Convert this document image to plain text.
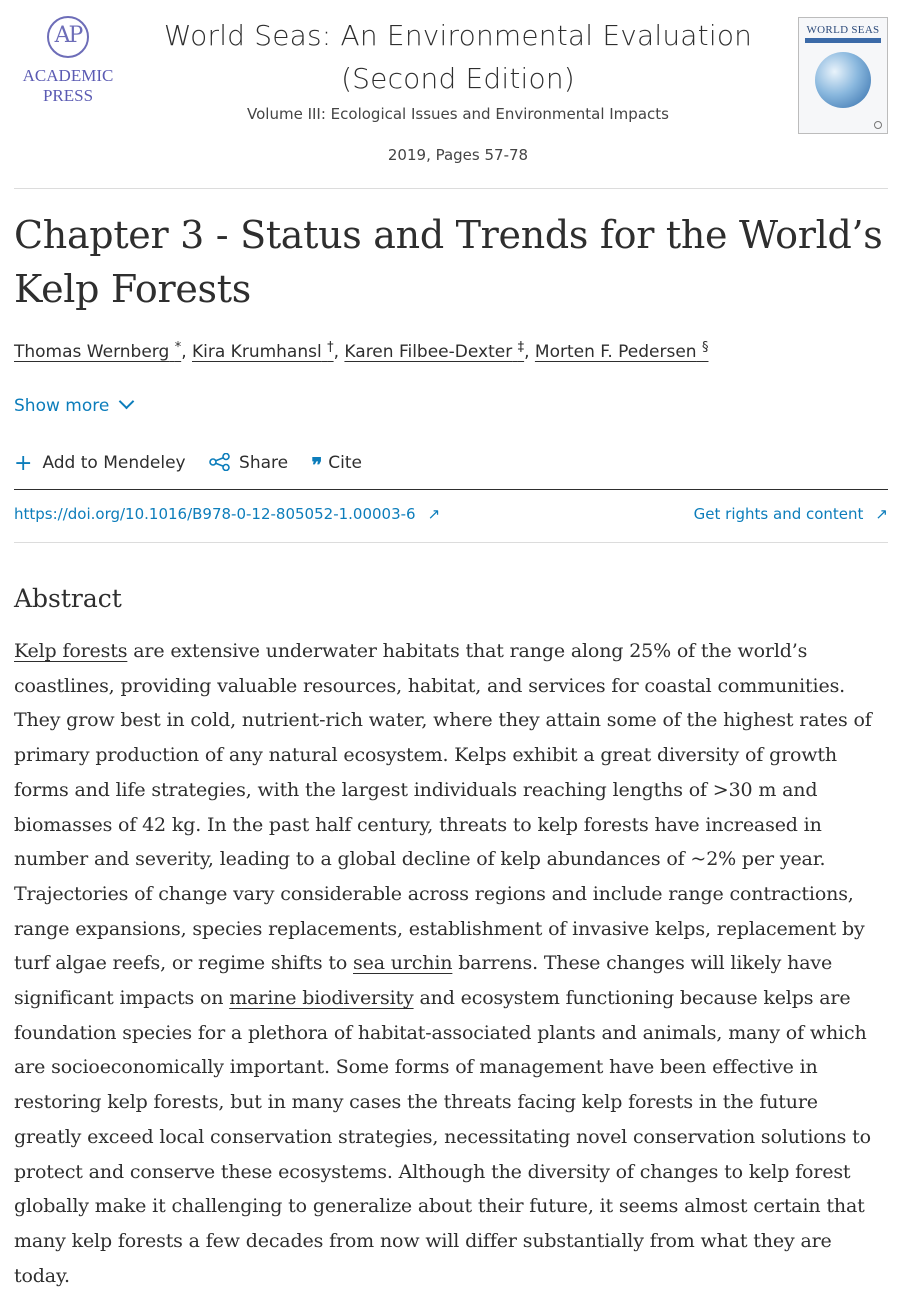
AP
ACADEMIC
PRESS
World Seas: An Environmental Evaluation (Second Edition)
Volume III: Ecological Issues and Environmental Impacts
2019, Pages 57-78
WORLD SEAS

Chapter 3 - Status and Trends for the World’s Kelp Forests
Thomas Wernberg *, Kira Krumhansl †, Karen Filbee-Dexter ‡, Morten F. Pedersen §
Show more
+ Add to Mendeley	Share ❞ Cite
https://doi.org/10.1016/B978-0-12-805052-1.00003-6 ↗	Get rights and content ↗
Abstract

Kelp forests are extensive underwater habitats that range along 25% of the world’s coastlines, providing valuable resources, habitat, and services for coastal communities. They grow best in cold, nutrient-rich water, where they attain some of the highest rates of primary production of any natural ecosystem. Kelps exhibit a great diversity of growth forms and life strategies, with the largest individuals reaching lengths of >30 m and biomasses of 42 kg. In the past half century, threats to kelp forests have increased in number and severity, leading to a global decline of kelp abundances of ~2% per year. Trajectories of change vary considerable across regions and include range contractions, range expansions, species replacements, establishment of invasive kelps, replacement by turf algae reefs, or regime shifts to sea urchin barrens. These changes will likely have significant impacts on marine biodiversity and ecosystem functioning because kelps are foundation species for a plethora of habitat-associated plants and animals, many of which are socioeconomically important. Some forms of management have been effective in restoring kelp forests, but in many cases the threats facing kelp forests in the future greatly exceed local conservation strategies, necessitating novel conservation solutions to protect and conserve these ecosystems. Although the diversity of changes to kelp forest globally make it challenging to generalize about their future, it seems almost certain that many kelp forests a few decades from now will differ substantially from what they are today.
